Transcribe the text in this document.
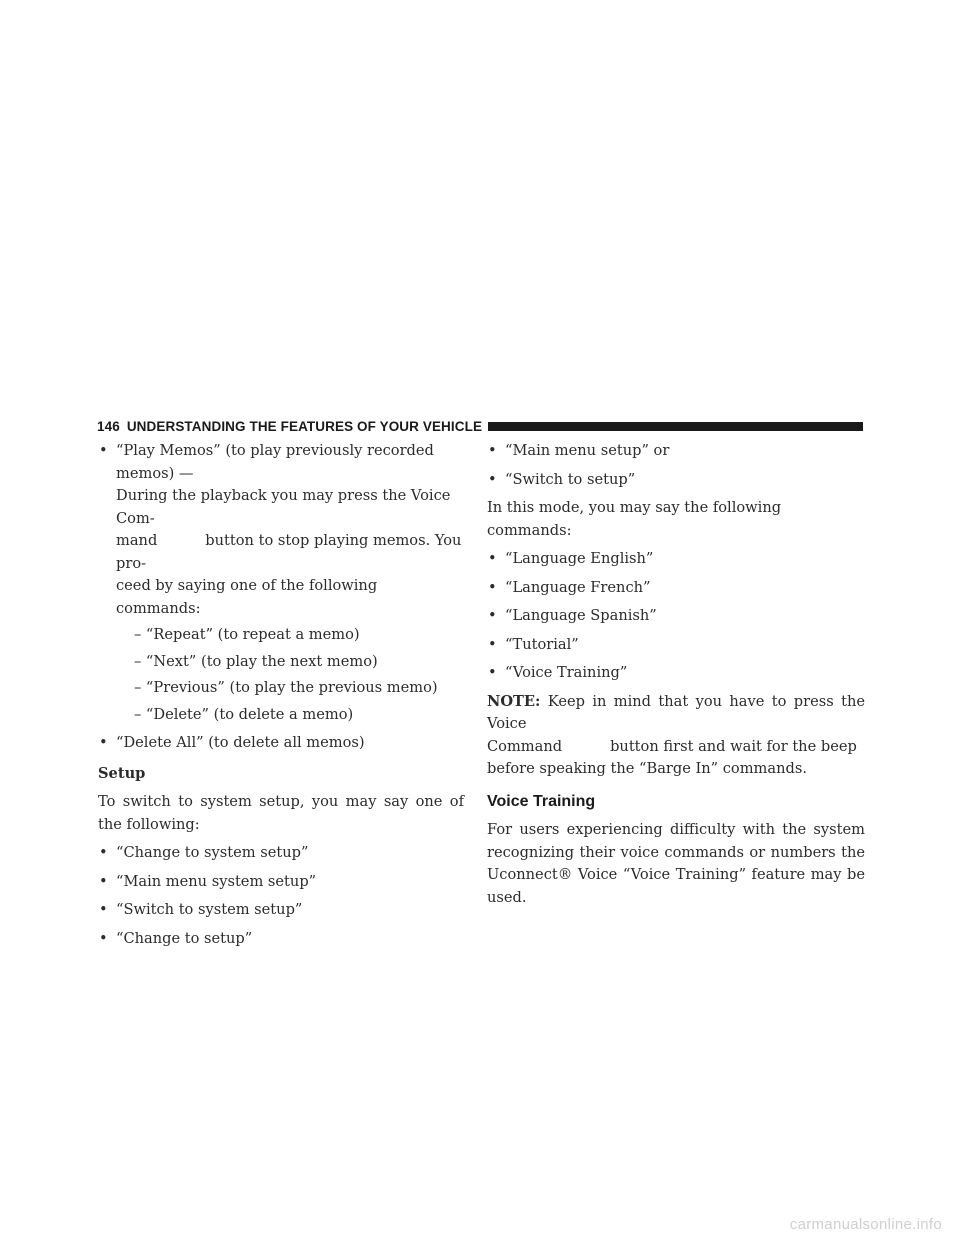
146 UNDERSTANDING THE FEATURES OF YOUR VEHICLE
• “Play Memos” (to play previously recorded memos) —
During the playback you may press the Voice Com-
mand	button to stop playing memos. You pro-
ceed by saying one of the following commands:
– “Repeat” (to repeat a memo)
– “Next” (to play the next memo)
– “Previous” (to play the previous memo)
– “Delete” (to delete a memo)
• “Delete All” (to delete all memos)
Setup
To switch to system setup, you may say one of the following:
• “Change to system setup”
• “Main menu system setup”
• “Switch to system setup”
• “Change to setup”
• “Main menu setup” or
• “Switch to setup”
In this mode, you may say the following commands:
• “Language English”
• “Language French”
• “Language Spanish”
• “Tutorial”
• “Voice Training”
NOTE: Keep in mind that you have to press the Voice
Command	button first and wait for the beep
before speaking the “Barge In” commands.
Voice Training
For users experiencing difficulty with the system recognizing their voice commands or numbers the Uconnect® Voice “Voice Training” feature may be used.
carmanualsonline.info
